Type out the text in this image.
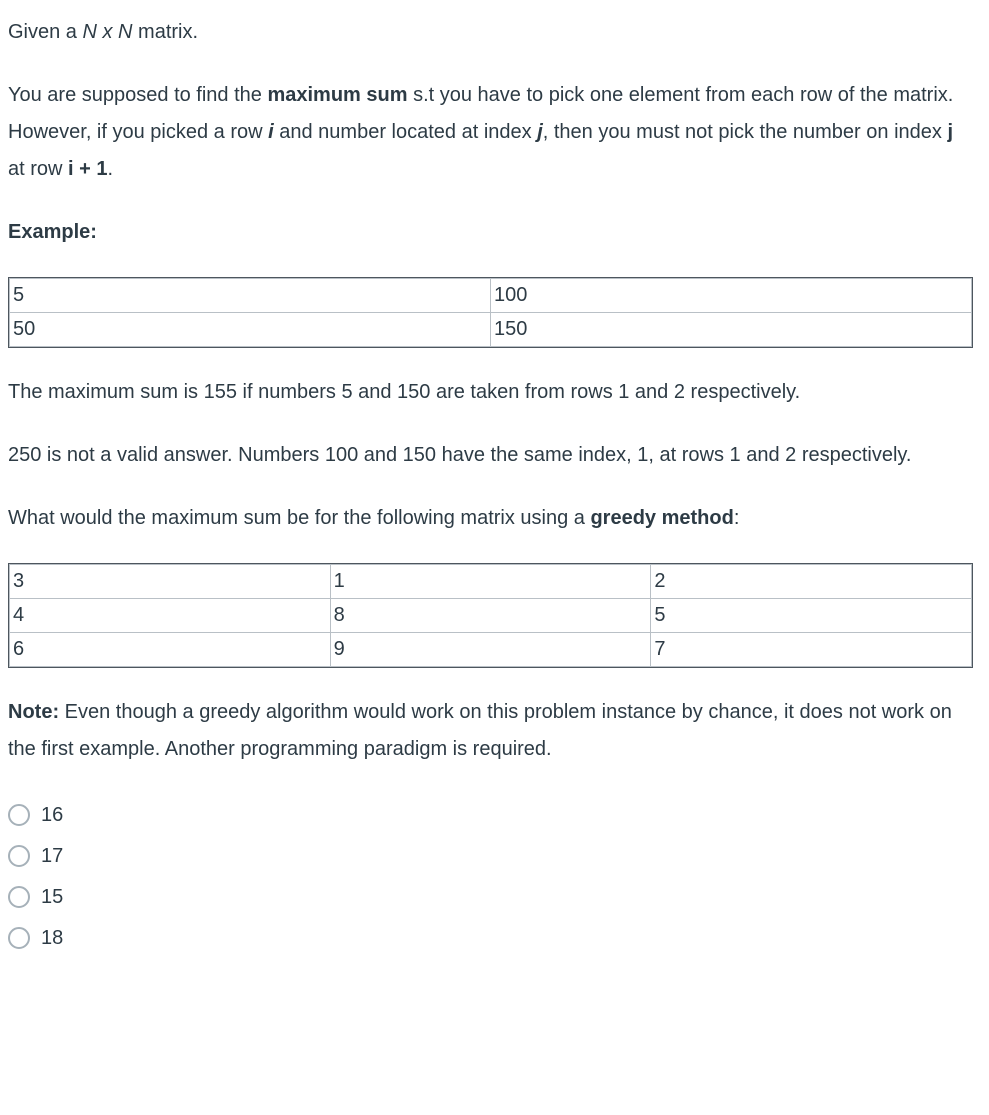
Given a N x N matrix.

You are supposed to find the maximum sum s.t you have to pick one element from each row of the matrix. However, if you picked a row i and number located at index j, then you must not pick the number on index j at row i + 1.

Example:

5	100
50	150

The maximum sum is 155 if numbers 5 and 150 are taken from rows 1 and 2 respectively.

250 is not a valid answer. Numbers 100 and 150 have the same index, 1, at rows 1 and 2 respectively.

What would the maximum sum be for the following matrix using a greedy method:

3	1	2
4	8	5
6	9	7

Note: Even though a greedy algorithm would work on this problem instance by chance, it does not work on the first example. Another programming paradigm is required.

16
17
15
18
